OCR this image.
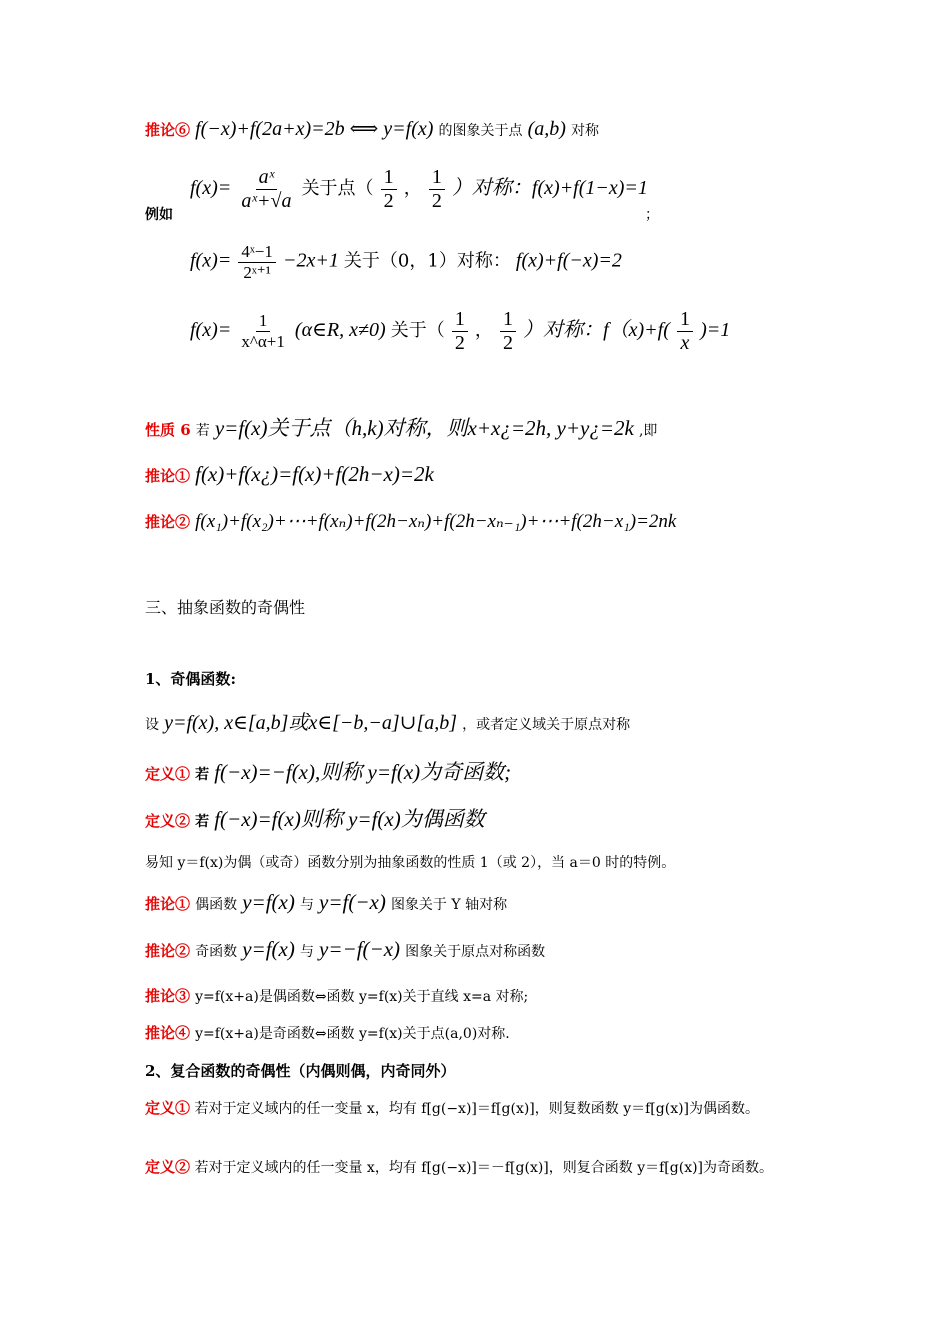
推论⑥ f(−x)+f(2a+x)=2b ⟺ y=f(x) 的图象关于点 (a,b) 对称
例如
$f(x)= \frac{\text{aˣ}}{\text{aˣ+√a}}$ 关于点（ $\frac{1}{2}$ ， $\frac{1}{2}$ ）对称：f(x)+f(1−x)=1
；
$f(x)= \frac{\text{4ˣ−1}}{\text{2ˣ⁺¹}} -2x+1$ 关于（0，1）对称： f(x)+f(−x)=2
$f(x)= \frac{1}{x\^{}\alpha+1}$ (α∈R, x≠0) 关于（ $\frac{1}{2}$ ， $\frac{1}{2}$ ）对称：$f(x)+f( \frac{1}{x} )=1$
性质 6 若 y=f(x)关于点（h,k)对称，则x+x¿=2h, y+y¿=2k ,即
推论① f(x)+f(x¿)=f(x)+f(2h−x)=2k
推论② f(x₁)+f(x₂)+⋯+f(xₙ)+f(2h−xₙ)+f(2h−xₙ₋₁)+⋯+f(2h−x₁)=2nk
三、抽象函数的奇偶性
1、奇偶函数:
设 y=f(x), x∈[a,b]或x∈[−b,−a]∪[a,b] ，或者定义域关于原点对称
定义① 若 f(−x)=−f(x),则称 y=f(x)为奇函数;
定义② 若 f(−x)=f(x)则称 y=f(x)为偶函数
易知 y＝f(x)为偶（或奇）函数分别为抽象函数的性质 1（或 2），当 a＝0 时的特例。
推论① 偶函数 y=f(x) 与 y=f(−x) 图象关于 Y 轴对称
推论② 奇函数 y=f(x) 与 y=−f(−x) 图象关于原点对称函数
推论③ y=f(x+a)是偶函数⇔函数 y=f(x)关于直线 x=a 对称;
推论④ y=f(x+a)是奇函数⇔函数 y=f(x)关于点(a,0)对称.
2、复合函数的奇偶性（内偶则偶，内奇同外）
定义① 若对于定义域内的任一变量 x，均有 f[g(−x)]＝f[g(x)]，则复数函数 y＝f[g(x)]为偶函数。
定义② 若对于定义域内的任一变量 x，均有 f[g(−x)]＝－f[g(x)]，则复合函数 y＝f[g(x)]为奇函数。
